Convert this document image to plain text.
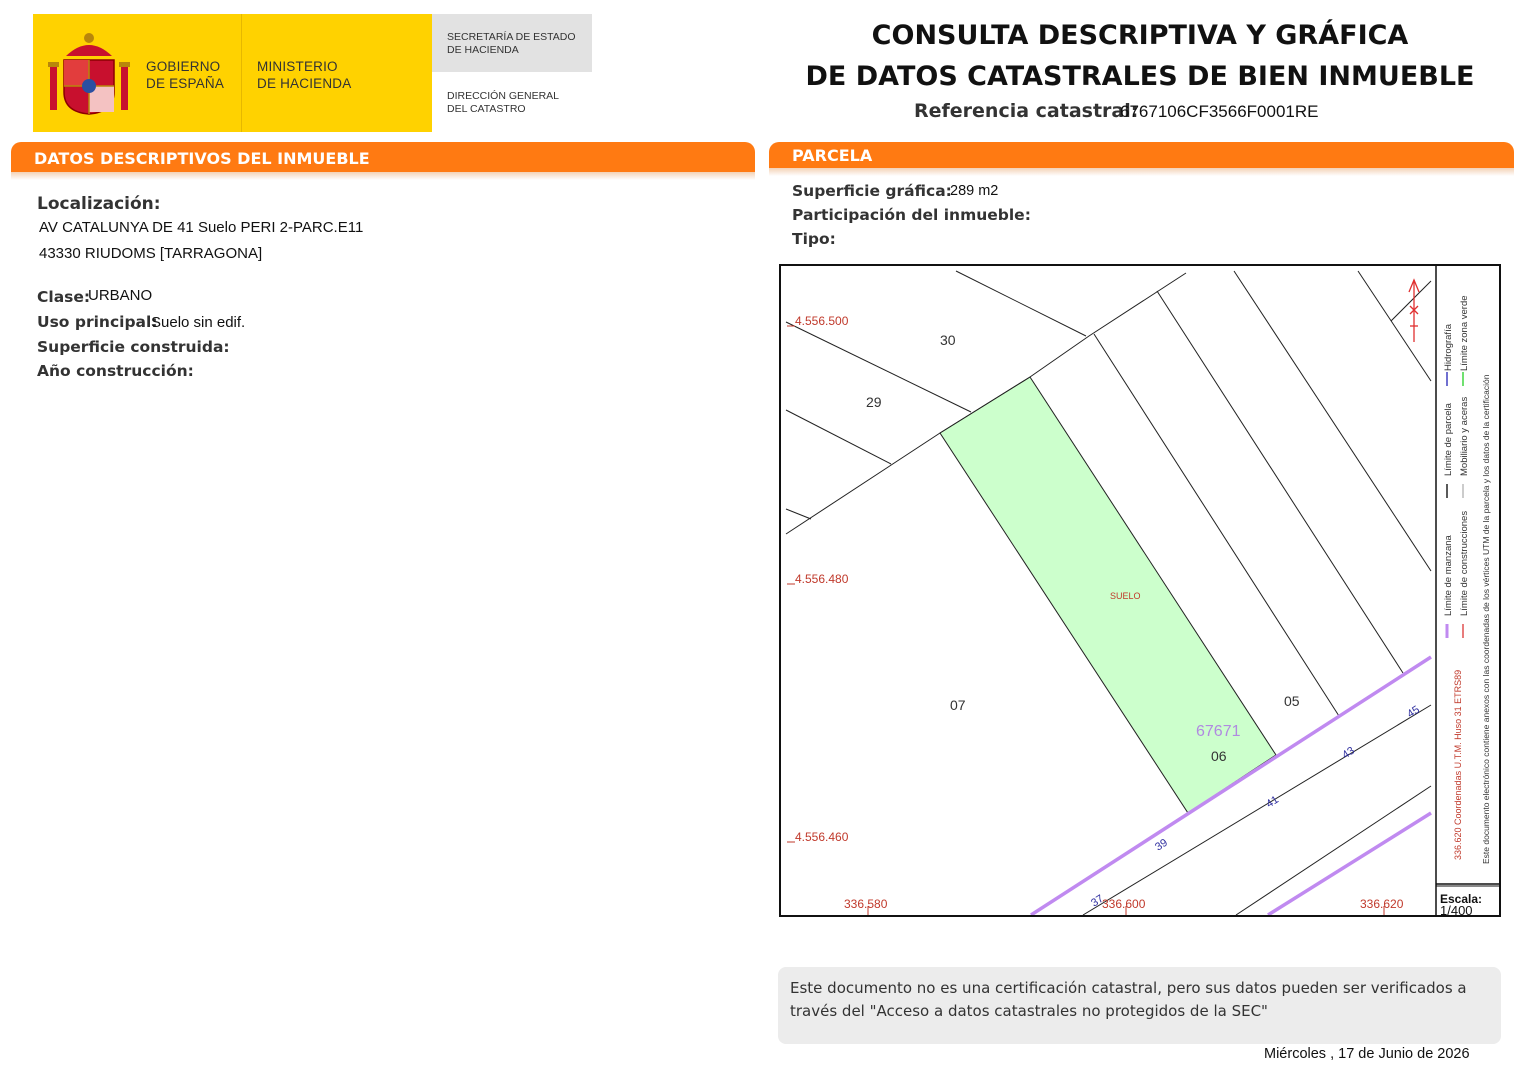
GOBIERNO
DE ESPAÑA
MINISTERIO
DE HACIENDA
SECRETARÍA DE ESTADO
DE HACIENDA
DIRECCIÓN GENERAL
DEL CATASTRO
CONSULTA DESCRIPTIVA Y GRÁFICA
DE DATOS CATASTRALES DE BIEN INMUEBLE
Referencia catastral:
6767106CF3566F0001RE
DATOS DESCRIPTIVOS DEL INMUEBLE	PARCELA
Localización:
AV CATALUNYA DE 41 Suelo PERI 2-PARC.E11
43330 RIUDOMS [TARRAGONA]
Clase:
URBANO
Uso principal:
Suelo sin edif.
Superficie construida:
Año construcción:
Superficie gráfica:
289 m2
Participación del inmueble:
Tipo:
4.556.500
4.556.480
4.556.460
336.580	336.600	336.620
30
29
07	05
06
67671
SUELO
37
39
41
43
45
Límite de manzana Límite de construcciones
Límite de parcela Mobiliario y aceras
Hidrografía Límite zona verde
336.620 Coordenadas U.T.M. Huso 31 ETRS89 Este documento electrónico contiene anexos con las coordenadas de los vértices UTM de la parcela y los datos de la certificación
Escala:
1/400
Este documento no es una certificación catastral, pero sus datos pueden ser verificados a través del "Acceso a datos catastrales no protegidos de la SEC"
Miércoles , 17 de Junio de 2026
